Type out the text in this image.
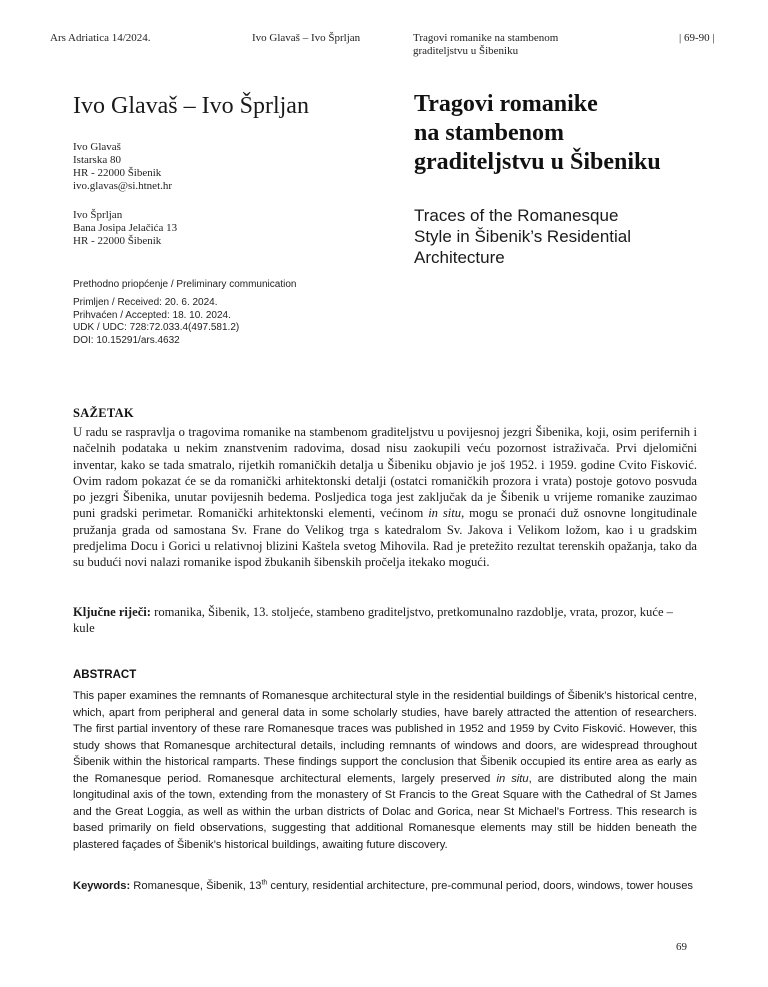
Ars Adriatica 14/2024.	Ivo Glavaš – Ivo Šprljan	Tragovi romanike na stambenom
graditeljstvu u Šibeniku
| 69-90 |
Ivo Glavaš – Ivo Šprljan
Ivo Glavaš
Istarska 80
HR - 22000 Šibenik
ivo.glavas@si.htnet.hr
Ivo Šprljan
Bana Josipa Jelačića 13
HR - 22000 Šibenik
Prethodno priopćenje / Preliminary communication
Primljen / Received: 20. 6. 2024.
Prihvaćen / Accepted: 18. 10. 2024.
UDK / UDC: 728:72.033.4(497.581.2)
DOI: 10.15291/ars.4632
Tragovi romanike
na stambenom
graditeljstvu u Šibeniku
Traces of the Romanesque
Style in Šibenik’s Residential
Architecture
SAŽETAK
U radu se raspravlja o tragovima romanike na stambenom graditeljstvu u povijesnoj jezgri Šibenika, koji, osim perifernih i načelnih podataka u nekim znanstvenim radovima, dosad nisu zaokupili veću pozornost istraživača. Prvi djelomični inventar, kako se tada smatralo, rijetkih romaničkih detalja u Šibeniku objavio je još 1952. i 1959. godine Cvito Fisković. Ovim radom pokazat će se da romanički arhitektonski detalji (ostatci romaničkih prozora i vrata) postoje gotovo posvuda po jezgri Šibenika, unutar povijesnih bedema. Posljedica toga jest zaključak da je Šibenik u vrijeme romanike zauzimao puni gradski perimetar. Romanički arhitektonski elementi, većinom in situ, mogu se pronaći duž osnovne longitudinale pružanja grada od samostana Sv. Frane do Velikog trga s katedralom Sv. Jakova i Velikom ložom, kao i u gradskim predjelima Docu i Gorici u relativnoj blizini Kaštela svetog Mihovila. Rad je pretežito rezultat terenskih opažanja, tako da su budući novi nalazi romanike ispod žbukanih šibenskih pročelja itekako mogući.
Ključne riječi: romanika, Šibenik, 13. stoljeće, stambeno graditeljstvo, pretkomunalno razdoblje, vrata, prozor, kuće – kule
ABSTRACT
This paper examines the remnants of Romanesque architectural style in the residential buildings of Šibenik’s historical centre, which, apart from peripheral and general data in some scholarly studies, have barely attracted the attention of researchers. The first partial inventory of these rare Romanesque traces was published in 1952 and 1959 by Cvito Fisković. However, this study shows that Romanesque architectural details, including remnants of windows and doors, are widespread throughout Šibenik within the historical ramparts. These findings support the conclusion that Šibenik occupied its entire area as early as the Romanesque period. Romanesque architectural elements, largely preserved in situ, are distributed along the main longitudinal axis of the town, extending from the monastery of St Francis to the Great Square with the Cathedral of St James and the Great Loggia, as well as within the urban districts of Dolac and Gorica, near St Michael’s Fortress. This research is based primarily on field observations, suggesting that additional Romanesque elements may still be hidden beneath the plastered façades of Šibenik’s historical buildings, awaiting future discovery.
Keywords: Romanesque, Šibenik, 13th century, residential architecture, pre-communal period, doors, windows, tower houses
69
